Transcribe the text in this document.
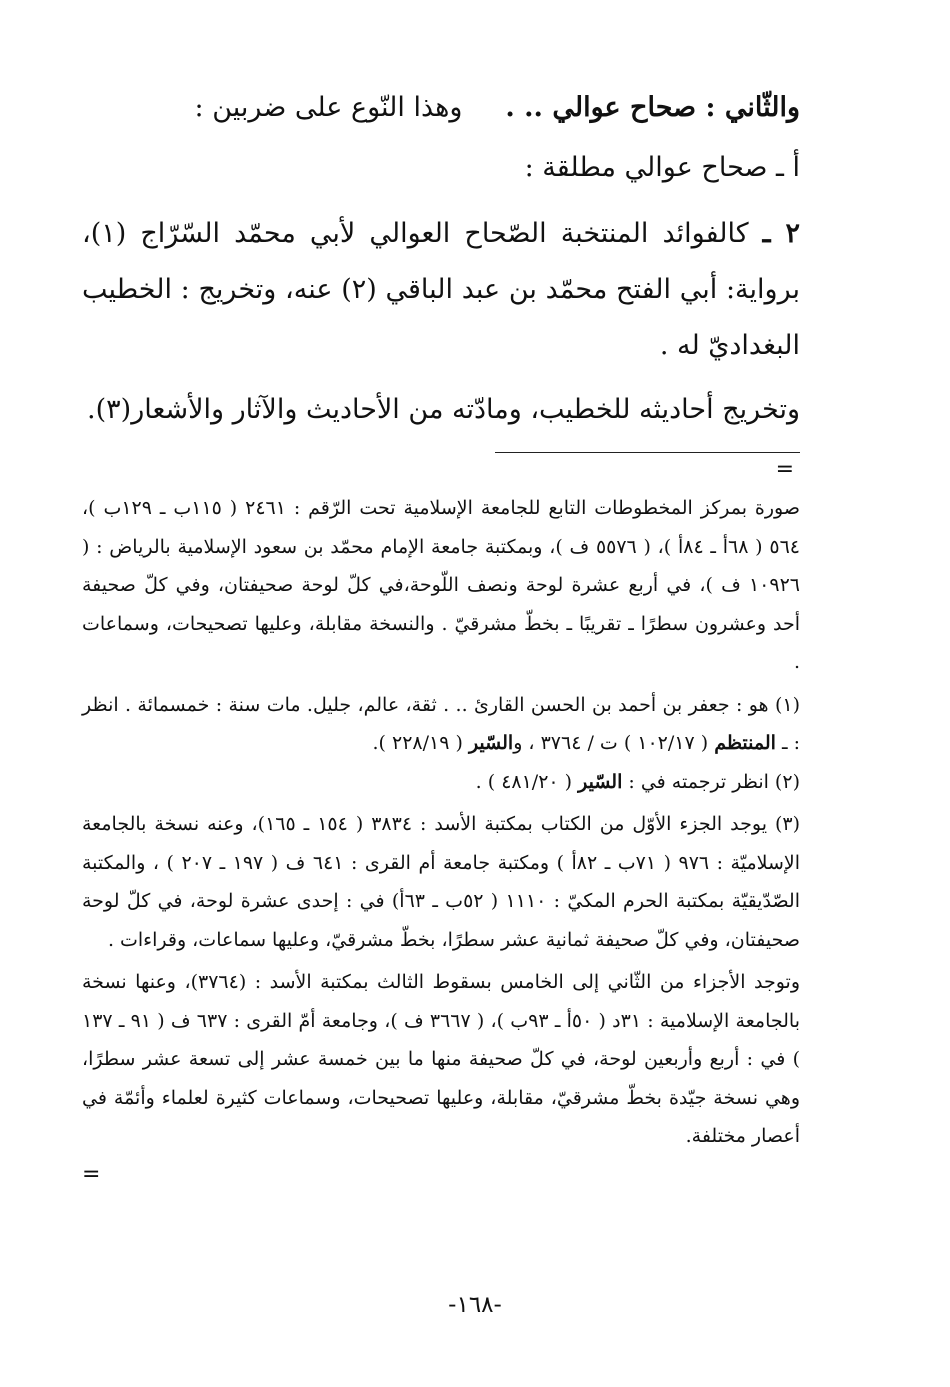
والثّاني : صحاح عوالي .. .     وهذا النّوع على ضربين :

أ ـ صحاح عوالي مطلقة :

٢ ـ كالفوائد المنتخبة الصّحاح العوالي لأبي محمّد السّرّاج (١)، برواية: أبي الفتح محمّد بن عبد الباقي (٢) عنه، وتخريج : الخطيب البغداديّ له .

وتخريج أحاديثه للخطيب، ومادّته من الأحاديث والآثار والأشعار(٣).

=

صورة بمركز المخطوطات التابع للجامعة الإسلامية تحت الرّقم : ٢٤٦١ ( ١١٥ب ـ ١٢٩ب )، ٥٦٤ ( ٦٨أ ـ ٨٤أ )، ( ٥٥٧٦ ف )، وبمكتبة جامعة الإمام محمّد بن سعود الإسلامية بالرياض : ( ١٠٩٢٦ ف )، في أربع عشرة لوحة ونصف اللّوحة،في كلّ لوحة صحيفتان، وفي كلّ صحيفة أحد وعشرون سطرًا ـ تقريبًا ـ بخطّ مشرقيّ . والنسخة مقابلة، وعليها تصحيحات، وسماعات .

(١) هو : جعفر بن أحمد بن الحسن القارئ .. . ثقة، عالم، جليل. مات سنة : خمسمائة . انظر : ـ المنتظم ( ١٠٢/١٧ ) ت / ٣٧٦٤ ، والسّير ( ٢٢٨/١٩ ).

(٢) انظر ترجمته في : السّير ( ٤٨١/٢٠ ) .

(٣) يوجد الجزء الأوّل من الكتاب بمكتبة الأسد : ٣٨٣٤ ( ١٥٤ ـ ١٦٥)، وعنه نسخة بالجامعة الإسلاميّة : ٩٧٦ ( ٧١ب ـ ٨٢أ ) ومكتبة جامعة أم القرى : ٦٤١ ف ( ١٩٧ ـ ٢٠٧ ) ، والمكتبة الصّدّيقيّة بمكتبة الحرم المكيّ : ١١١٠ ( ٥٢ب ـ ٦٣أ) في : إحدى عشرة لوحة، في كلّ لوحة صحيفتان، وفي كلّ صحيفة ثمانية عشر سطرًا، بخطّ مشرقيّ، وعليها سماعات، وقراءات .

وتوجد الأجزاء من الثّاني إلى الخامس بسقوط الثالث بمكتبة الأسد : (٣٧٦٤)، وعنها نسخة بالجامعة الإسلامية : ٣١د ( ٥٠أ ـ ٩٣ب )، ( ٣٦٦٧ ف )، وجامعة أمّ القرى : ٦٣٧ ف ( ٩١ ـ ١٣٧ ) في : أربع وأربعين لوحة، في كلّ صحيفة منها ما بين خمسة عشر إلى تسعة عشر سطرًا، وهي نسخة جيّدة بخطّ مشرقيّ، مقابلة، وعليها تصحيحات، وسماعات كثيرة لعلماء وأئمّة في أعصار مختلفة.

=
-١٦٨-
